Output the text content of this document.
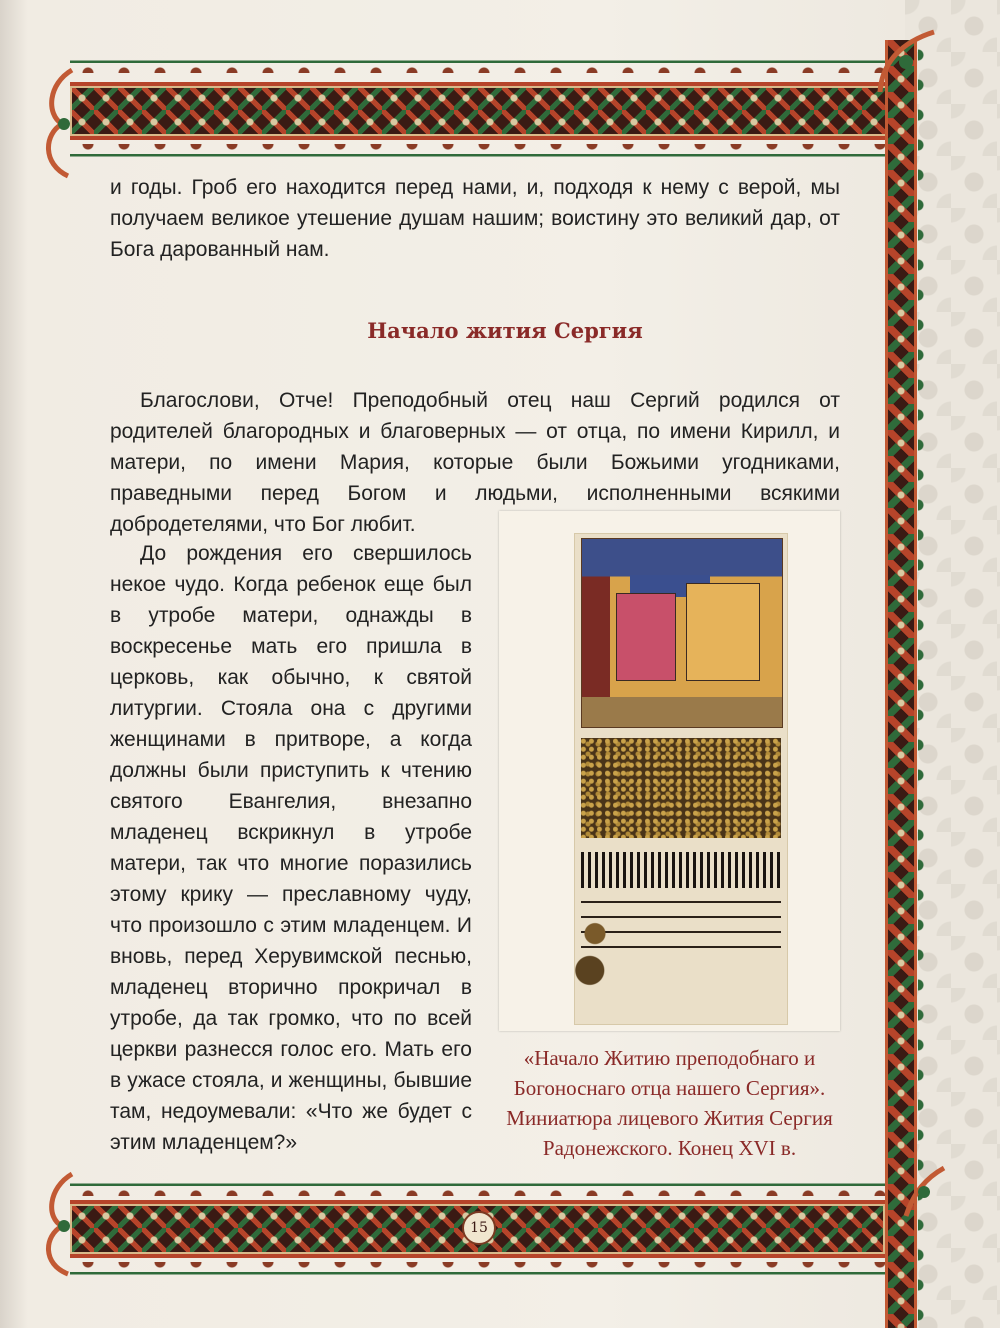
и годы. Гроб его находится перед нами, и, подходя к нему с верой, мы получаем великое утешение душам нашим; воистину это великий дар, от Бога дарованный нам.
Начало жития Сергия
Благослови, Отче! Преподобный отец наш Сергий родился от родителей благородных и благоверных — от отца, по имени Кирилл, и матери, по имени Мария, которые были Божьими угодниками, праведными перед Богом и людьми, исполненными всякими добродетелями, что Бог любит.
До рождения его свершилось некое чудо. Когда ребенок еще был в утробе матери, однажды в воскресенье мать его пришла в церковь, как обычно, к святой литургии. Стояла она с другими женщинами в притворе, а когда должны были приступить к чтению святого Евангелия, внезапно младенец вскрикнул в утробе матери, так что многие поразились этому крику — преславному чуду, что произошло с этим младенцем. И вновь, перед Херувимской песнью, младенец вторично прокричал в утробе, да так громко, что по всей церкви разнесся голос его. Мать его в ужасе стояла, и женщины, бывшие там, недоумевали: «Что же будет с этим младенцем?»
«Начало Житию преподобнаго и Богоноснаго отца нашего Сергия». Миниатюра лицевого Жития Сергия Радонежского. Конец XVI в.
15
